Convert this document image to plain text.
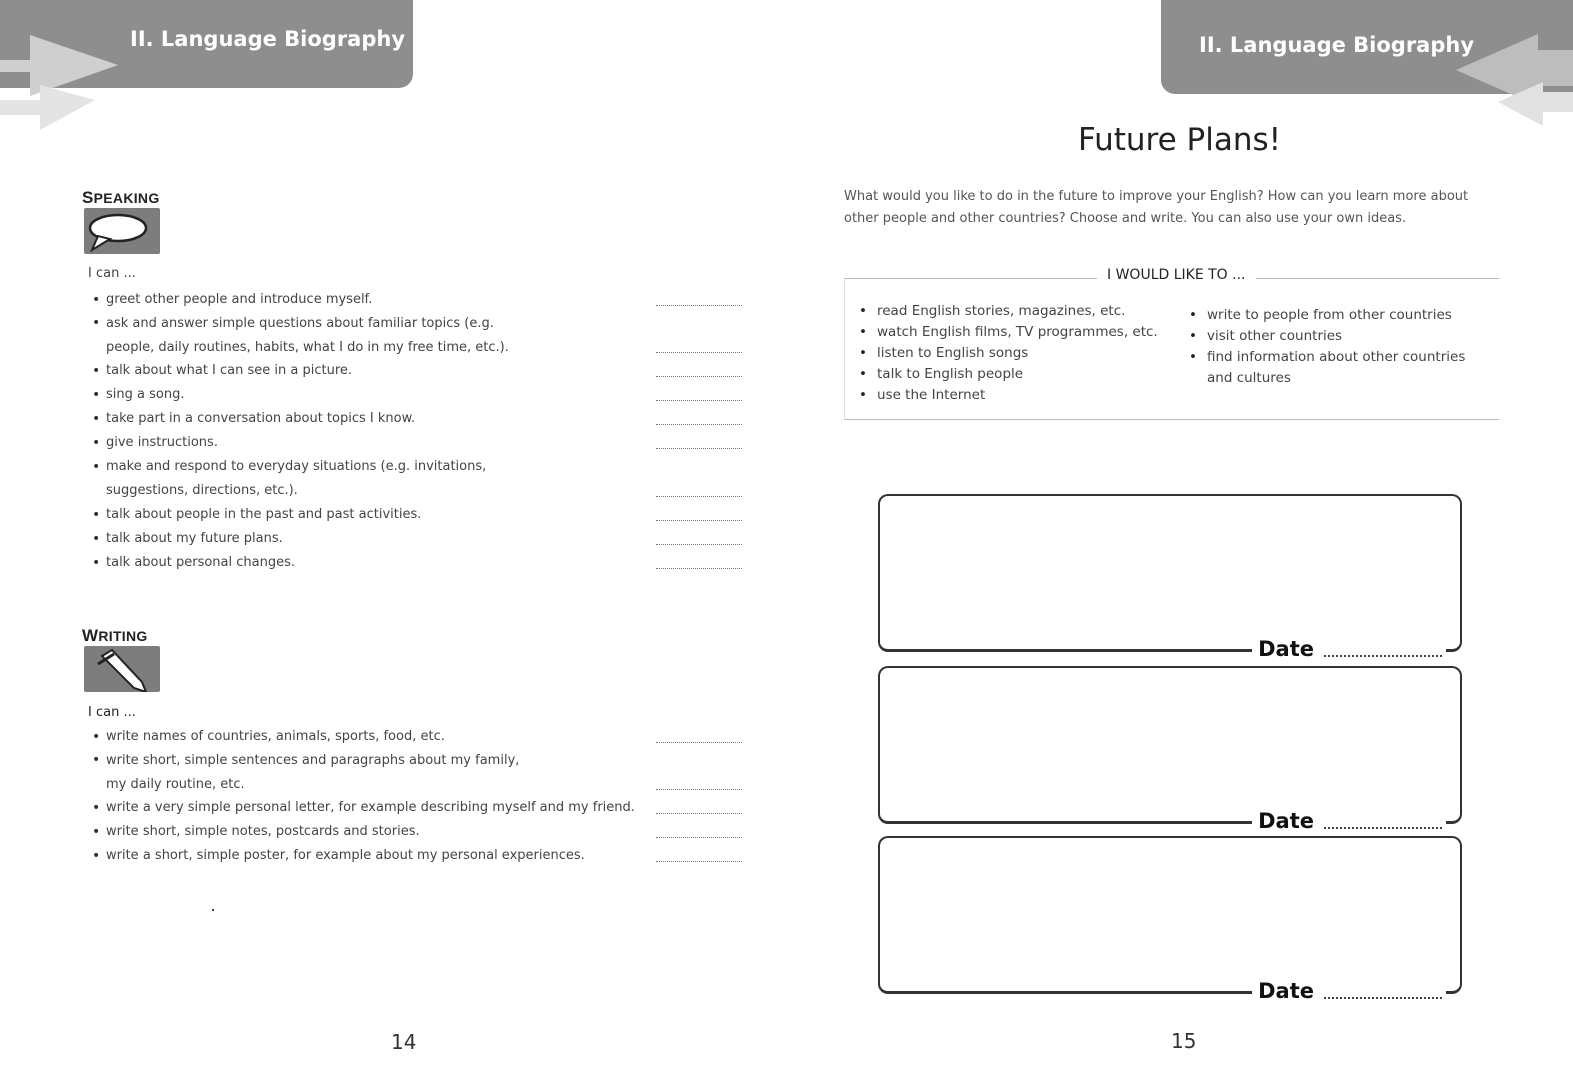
II. Language Biography
SPEAKING
I can ...
• greet other people and introduce myself.
• ask and answer simple questions about familiar topics (e.g. people, daily routines, habits, what I do in my free time, etc.).
• talk about what I can see in a picture.
• sing a song.
• take part in a conversation about topics I know.
• give instructions.
• make and respond to everyday situations (e.g. invitations, suggestions, directions, etc.).
• talk about people in the past and past activities.
• talk about my future plans.
• talk about personal changes.
WRITING
I can ...
• write names of countries, animals, sports, food, etc.
• write short, simple sentences and paragraphs about my family, my daily routine, etc.
• write a very simple personal letter, for example describing myself and my friend.
• write short, simple notes, postcards and stories.
• write a short, simple poster, for example about my personal experiences.
14
II. Language Biography
Future Plans!
What would you like to do in the future to improve your English? How can you learn more about other people and other countries? Choose and write. You can also use your own ideas.
I WOULD LIKE TO ...
• read English stories, magazines, etc.
• watch English films, TV programmes, etc.
• listen to English songs
• talk to English people
• use the Internet
• write to people from other countries
• visit other countries
• find information about other countries and cultures
Date
Date
Date
15
